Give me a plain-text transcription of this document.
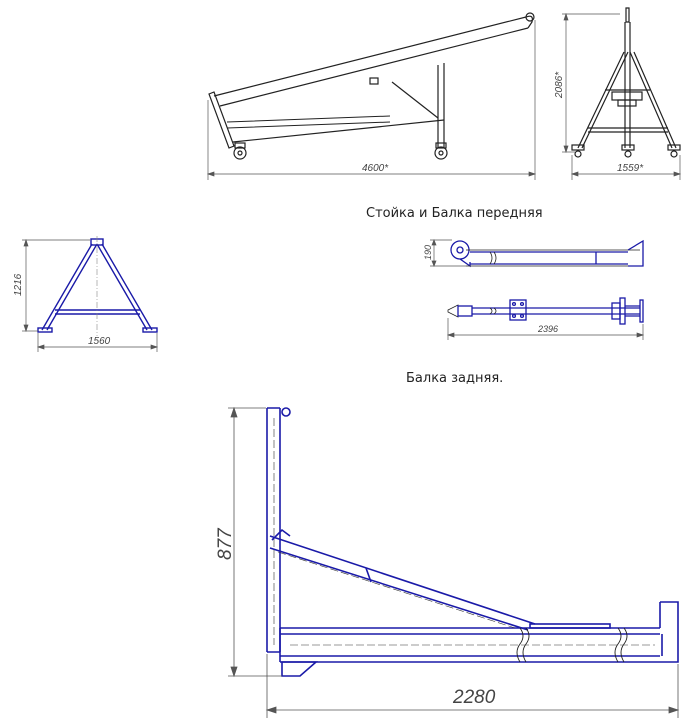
4600*
2086*
1559*
1216
1560
190
2396
877
2280
Стойка и Балка передняя
Балка задняя.
